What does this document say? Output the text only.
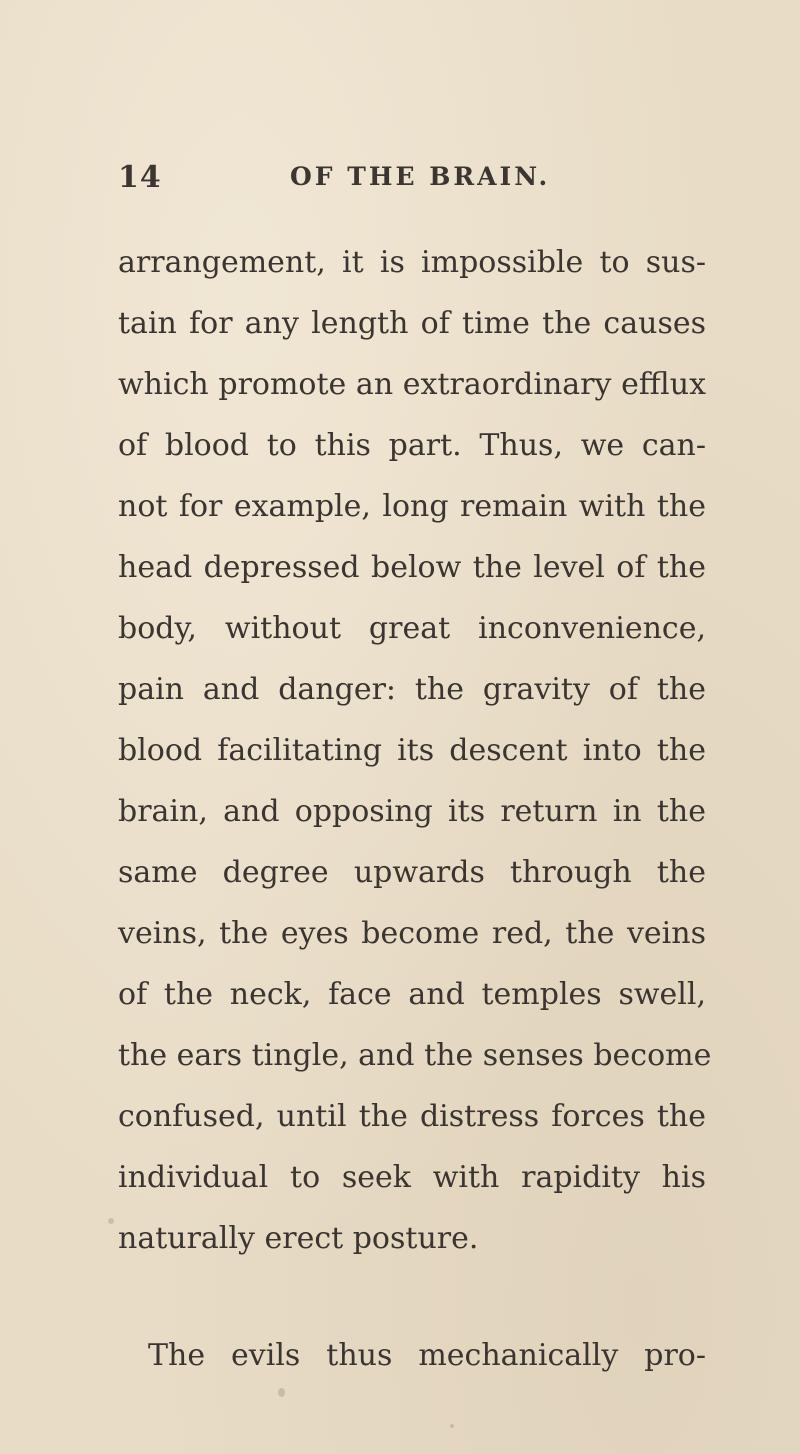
14	OF THE BRAIN.
arrangement, it is impossible to sus-
tain for any length of time the causes
which promote an extraordinary efflux
of blood to this part. Thus, we can-
not for example, long remain with the
head depressed below the level of the
body, without great inconvenience,
pain and danger: the gravity of the
blood facilitating its descent into the
brain, and opposing its return in the
same degree upwards through the
veins, the eyes become red, the veins
of the neck, face and temples swell,
the ears tingle, and the senses become
confused, until the distress forces the
individual to seek with rapidity his
naturally erect posture.
The evils thus mechanically pro-
